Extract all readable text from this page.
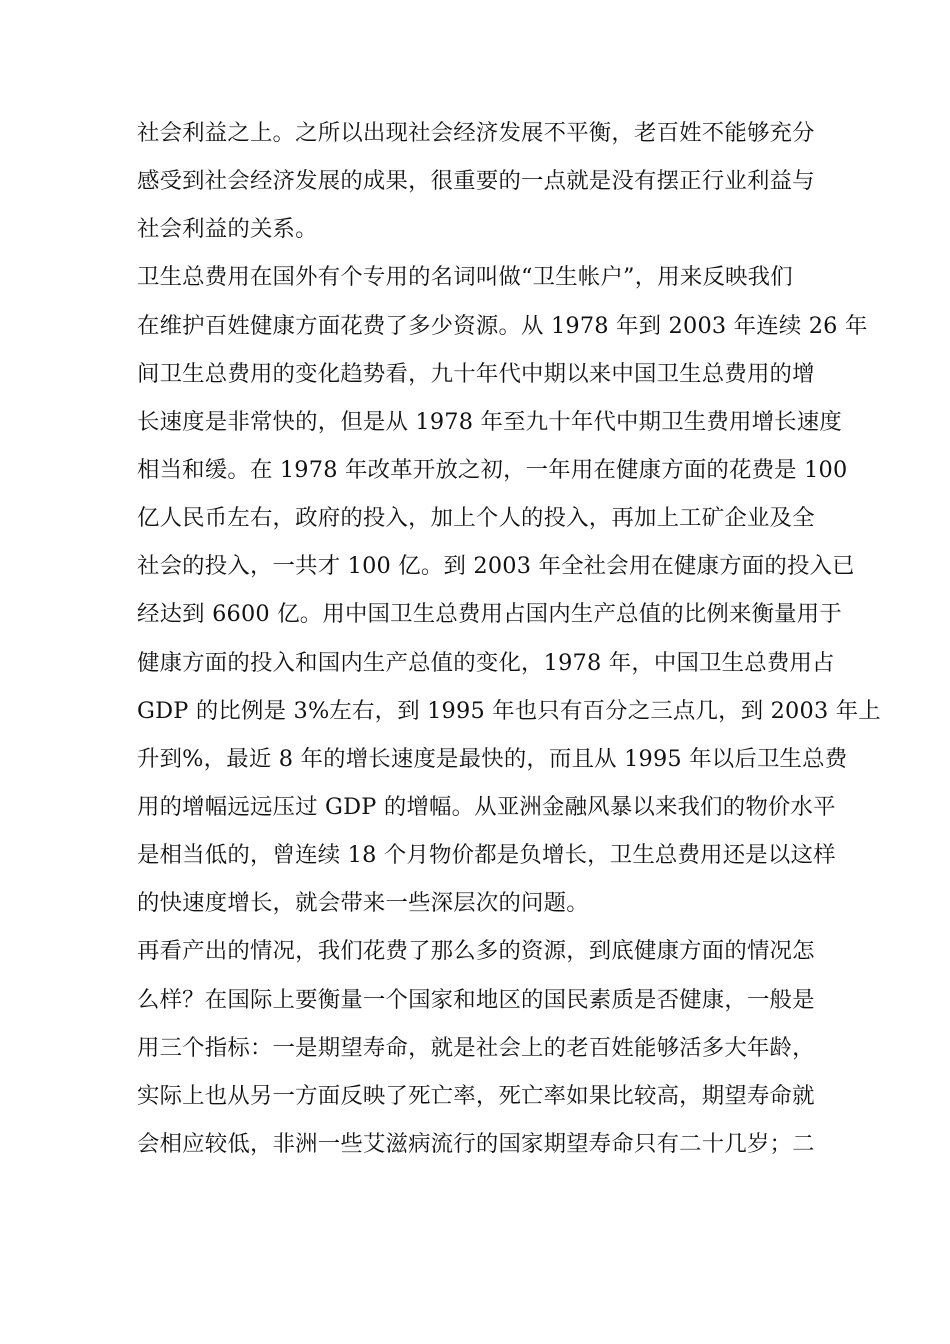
社会利益之上。之所以出现社会经济发展不平衡，老百姓不能够充分
感受到社会经济发展的成果，很重要的一点就是没有摆正行业利益与
社会利益的关系。
卫生总费用在国外有个专用的名词叫做“卫生帐户”，用来反映我们
在维护百姓健康方面花费了多少资源。从 1978 年到 2003 年连续 26 年
间卫生总费用的变化趋势看，九十年代中期以来中国卫生总费用的增
长速度是非常快的，但是从 1978 年至九十年代中期卫生费用增长速度
相当和缓。在 1978 年改革开放之初，一年用在健康方面的花费是 100
亿人民币左右，政府的投入，加上个人的投入，再加上工矿企业及全
社会的投入，一共才 100 亿。到 2003 年全社会用在健康方面的投入已
经达到 6600 亿。用中国卫生总费用占国内生产总值的比例来衡量用于
健康方面的投入和国内生产总值的变化，1978 年，中国卫生总费用占
GDP 的比例是 3%左右，到 1995 年也只有百分之三点几，到 2003 年上
升到%，最近 8 年的增长速度是最快的，而且从 1995 年以后卫生总费
用的增幅远远压过 GDP 的增幅。从亚洲金融风暴以来我们的物价水平
是相当低的，曾连续 18 个月物价都是负增长，卫生总费用还是以这样
的快速度增长，就会带来一些深层次的问题。
再看产出的情况，我们花费了那么多的资源，到底健康方面的情况怎
么样？在国际上要衡量一个国家和地区的国民素质是否健康，一般是
用三个指标：一是期望寿命，就是社会上的老百姓能够活多大年龄，
实际上也从另一方面反映了死亡率，死亡率如果比较高，期望寿命就
会相应较低，非洲一些艾滋病流行的国家期望寿命只有二十几岁；二
